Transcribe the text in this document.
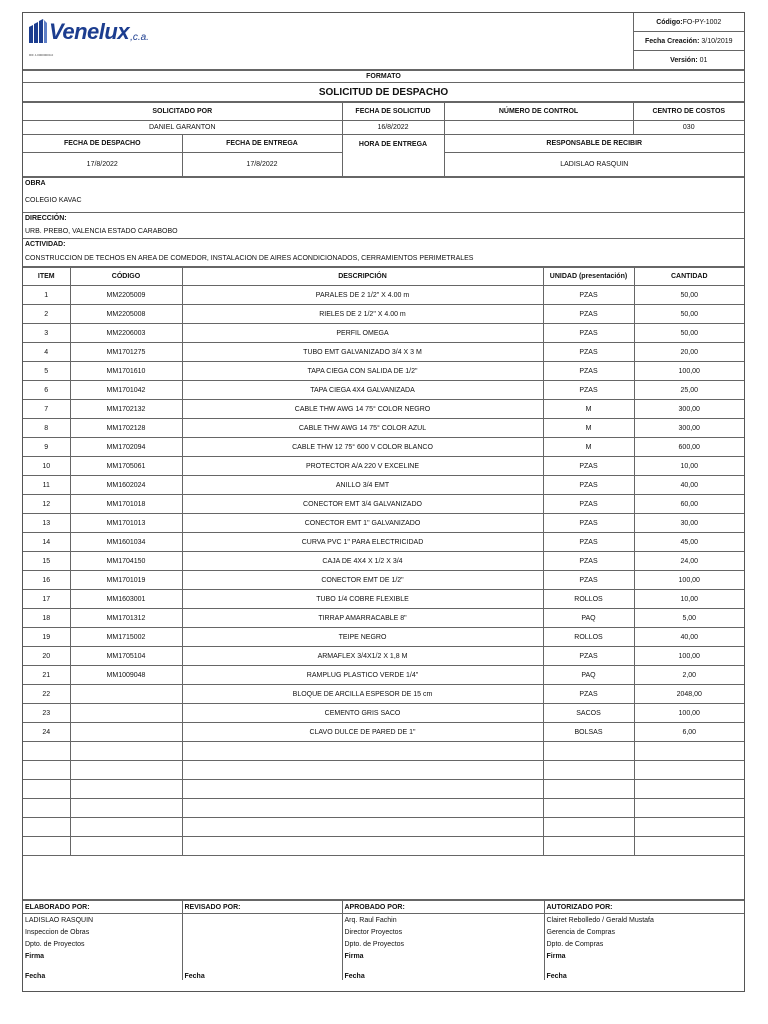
Venelux ,c.a.
RIF J-00000000-0
	Código:FO-PY-1002
Fecha Creación: 3/10/2019
Versión: 01
FORMATO
SOLICITUD DE DESPACHO
SOLICITADO POR		FECHA DE SOLICITUD	NÚMERO DE CONTROL	CENTRO DE COSTOS
DANIEL GARANTON		16/8/2022		030
FECHA DE DESPACHO	FECHA DE ENTREGA	HORA DE ENTREGA	RESPONSABLE DE RECIBIR	
17/8/2022	17/8/2022		LADISLAO RASQUIN	
OBRA
COLEGIO KAVAC
DIRECCIÓN:
URB. PREBO, VALENCIA ESTADO CARABOBO
ACTIVIDAD:
CONSTRUCCION DE TECHOS EN AREA DE COMEDOR, INSTALACION DE AIRES ACONDICIONADOS, CERRAMIENTOS PERIMETRALES
ITEM	CÓDIGO	DESCRIPCIÓN	UNIDAD (presentación)	CANTIDAD
1	MM2205009	PARALES DE 2 1/2" X 4.00 m	PZAS	50,00
2	MM2205008	RIELES DE 2 1/2" X 4.00 m	PZAS	50,00
3	MM2206003	PERFIL OMEGA	PZAS	50,00
4	MM1701275	TUBO EMT GALVANIZADO 3/4 X 3 M	PZAS	20,00
5	MM1701610	TAPA CIEGA CON SALIDA DE 1/2"	PZAS	100,00
6	MM1701042	TAPA CIEGA 4X4 GALVANIZADA	PZAS	25,00
7	MM1702132	CABLE THW AWG 14 75° COLOR NEGRO	M	300,00
8	MM1702128	CABLE THW AWG 14 75° COLOR AZUL	M	300,00
9	MM1702094	CABLE THW 12 75° 600 V COLOR BLANCO	M	600,00
10	MM1705061	PROTECTOR A/A 220 V EXCELINE	PZAS	10,00
11	MM1602024	ANILLO 3/4 EMT	PZAS	40,00
12	MM1701018	CONECTOR EMT 3/4 GALVANIZADO	PZAS	60,00
13	MM1701013	CONECTOR EMT 1" GALVANIZADO	PZAS	30,00
14	MM1601034	CURVA PVC 1" PARA ELECTRICIDAD	PZAS	45,00
15	MM1704150	CAJA DE 4X4 X 1/2 X 3/4	PZAS	24,00
16	MM1701019	CONECTOR EMT DE 1/2"	PZAS	100,00
17	MM1603001	TUBO 1/4 COBRE FLEXIBLE	ROLLOS	10,00
18	MM1701312	TIRRAP AMARRACABLE 8"	PAQ	5,00
19	MM1715002	TEIPE NEGRO	ROLLOS	40,00
20	MM1705104	ARMAFLEX 3/4X1/2 X 1,8 M	PZAS	100,00
21	MM1009048	RAMPLUG PLASTICO VERDE 1/4"	PAQ	2,00
22		BLOQUE DE ARCILLA ESPESOR DE 15 cm	PZAS	2048,00
23		CEMENTO GRIS SACO	SACOS	100,00
24		CLAVO DULCE DE PARED DE 1"	BOLSAS	6,00

ELABORADO POR:	REVISADO POR:	APROBADO POR:	AUTORIZADO POR:
LADISLAO RASQUIN		Arq. Raul Fachin	Clairet Rebolledo / Gerald Mustafa
Inspeccion de Obras		Director Proyectos	Gerencia de Compras
Dpto. de Proyectos		Dpto. de Proyectos	Dpto. de Compras
Firma		Firma	Firma
Fecha	Fecha	Fecha	Fecha
